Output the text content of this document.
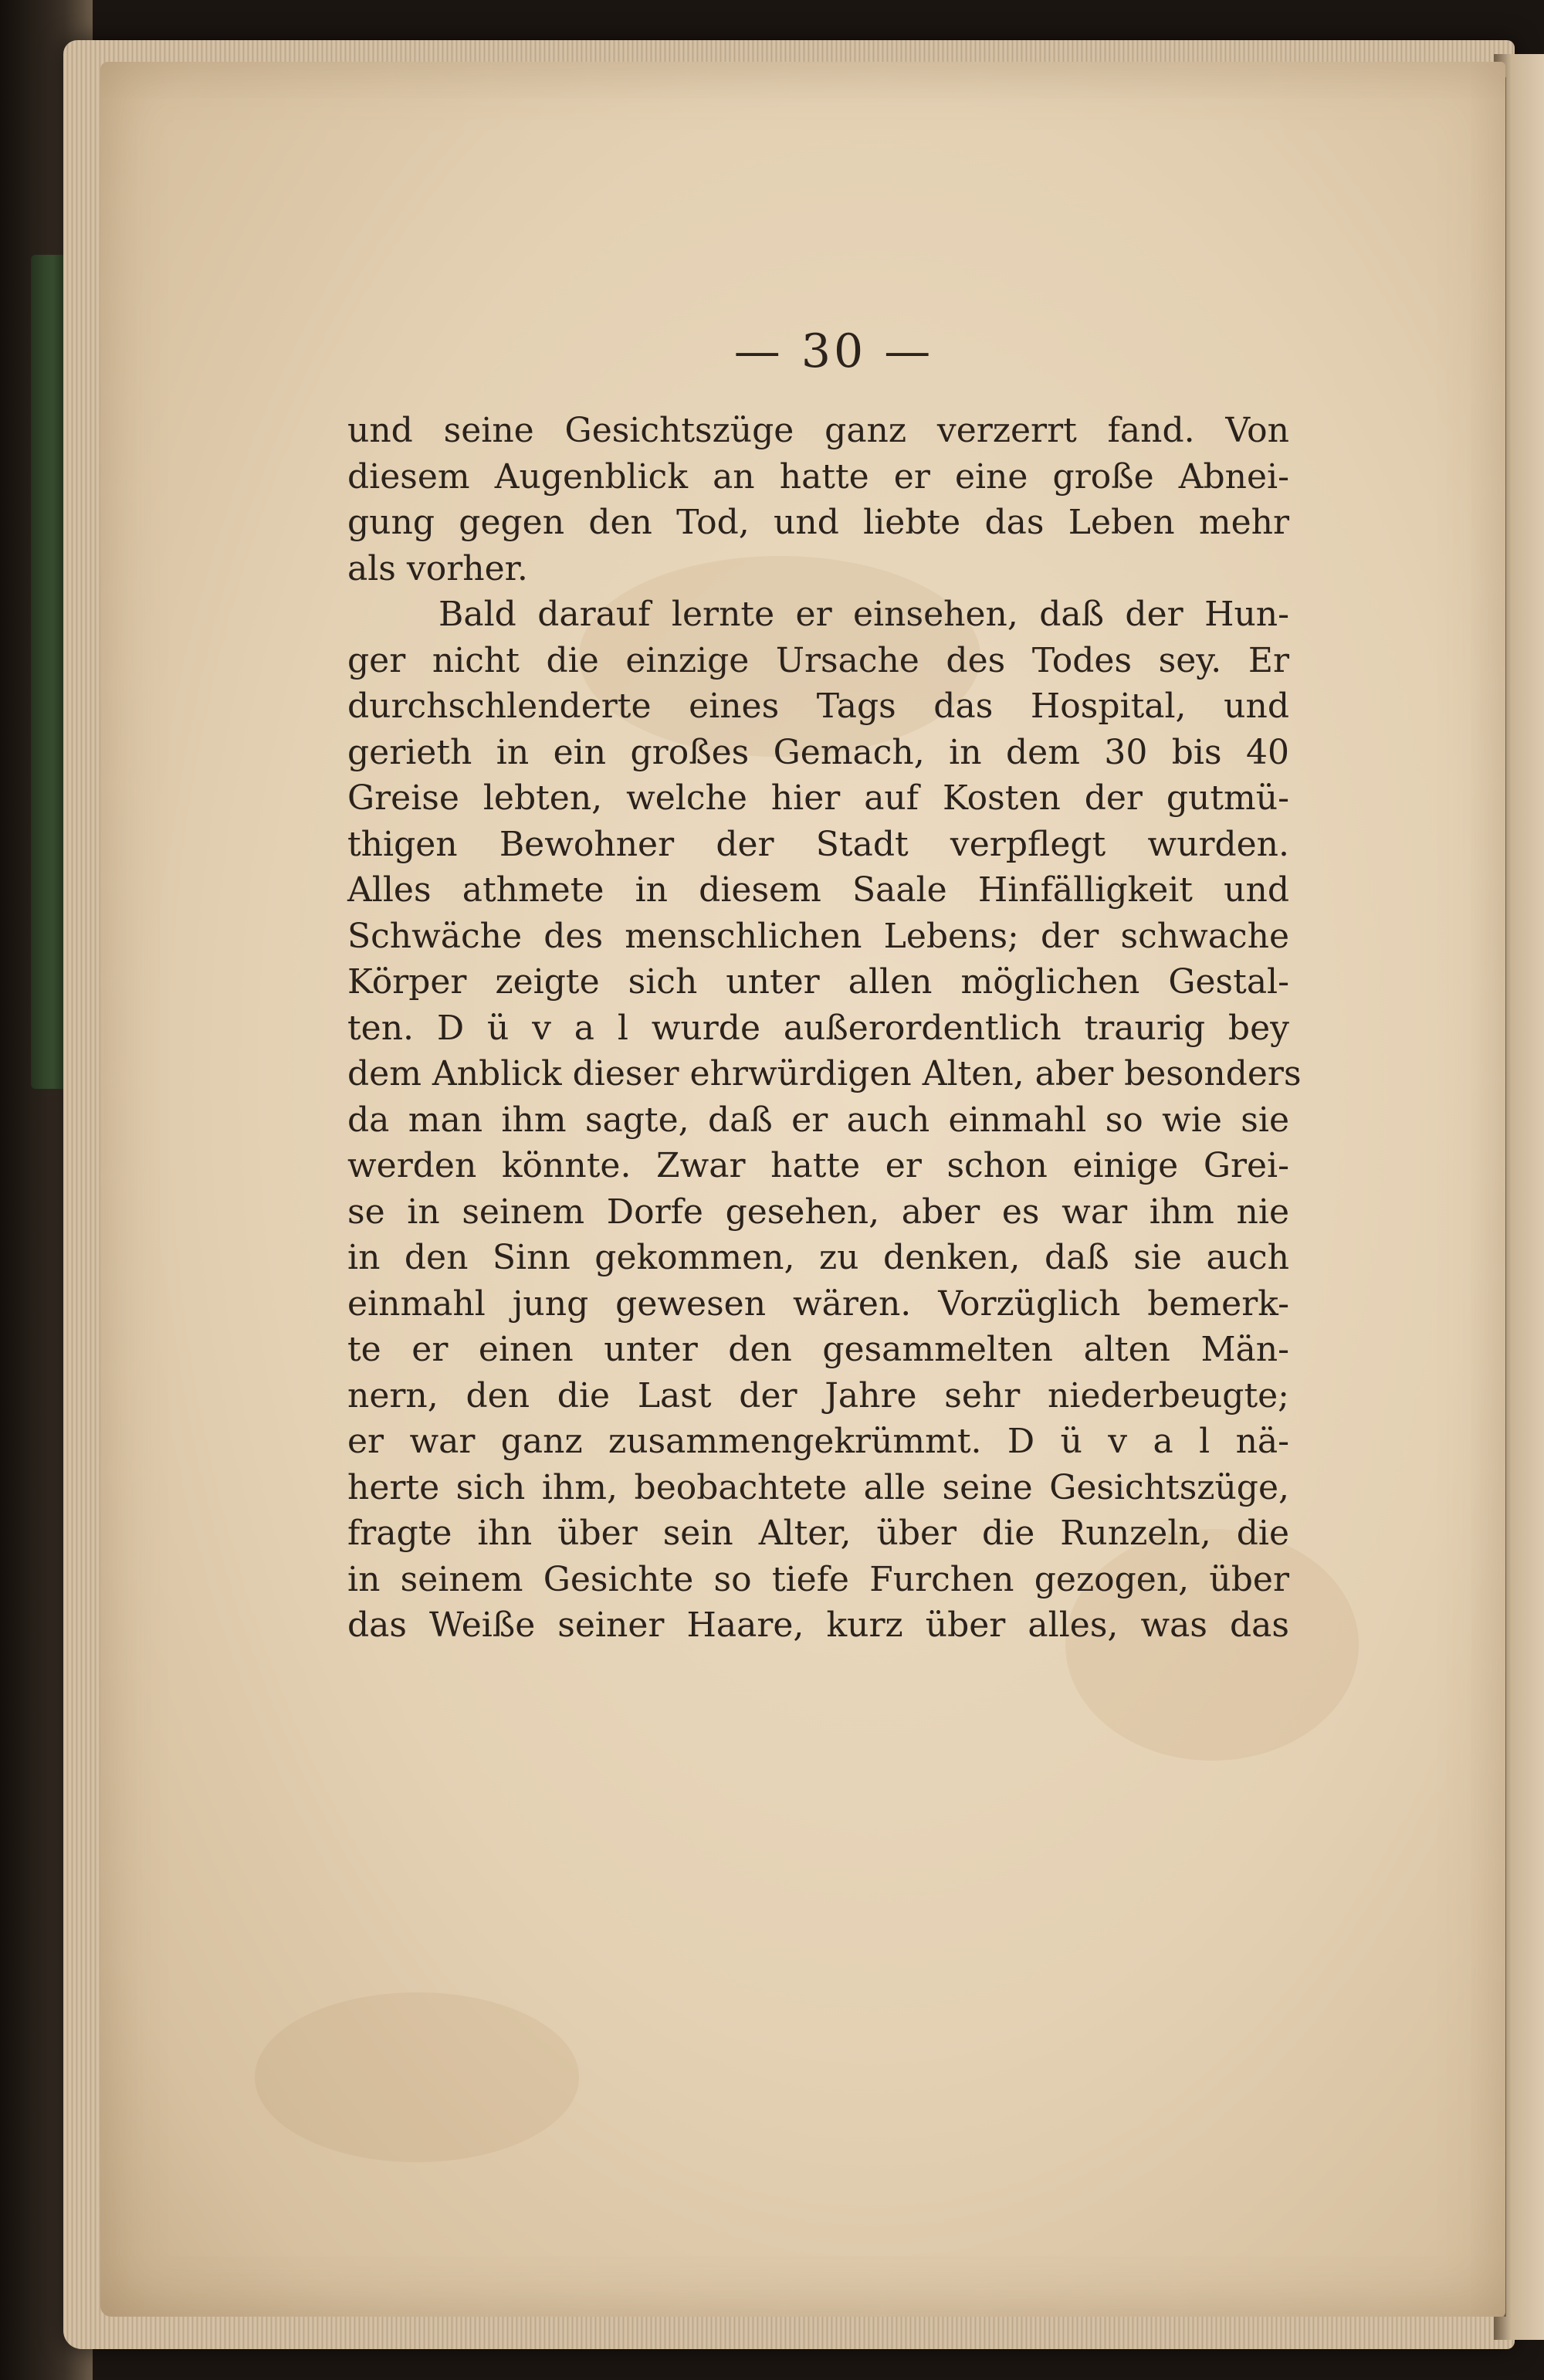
— 30 —
und seine Gesichtszüge ganz verzerrt fand. Von
diesem Augenblick an hatte er eine große Abnei-
gung gegen den Tod, und liebte das Leben mehr
als vorher.
Bald darauf lernte er einsehen, daß der Hun-
ger nicht die einzige Ursache des Todes sey. Er
durchschlenderte eines Tags das Hospital, und
gerieth in ein großes Gemach, in dem 30 bis 40
Greise lebten, welche hier auf Kosten der gutmü-
thigen Bewohner der Stadt verpflegt wurden.
Alles athmete in diesem Saale Hinfälligkeit und
Schwäche des menschlichen Lebens; der schwache
Körper zeigte sich unter allen möglichen Gestal-
ten. D ü v a l wurde außerordentlich traurig bey
dem Anblick dieser ehrwürdigen Alten, aber besonders
da man ihm sagte, daß er auch einmahl so wie sie
werden könnte. Zwar hatte er schon einige Grei-
se in seinem Dorfe gesehen, aber es war ihm nie
in den Sinn gekommen, zu denken, daß sie auch
einmahl jung gewesen wären. Vorzüglich bemerk-
te er einen unter den gesammelten alten Män-
nern, den die Last der Jahre sehr niederbeugte;
er war ganz zusammengekrümmt. D ü v a l nä-
herte sich ihm, beobachtete alle seine Gesichtszüge,
fragte ihn über sein Alter, über die Runzeln, die
in seinem Gesichte so tiefe Furchen gezogen, über
das Weiße seiner Haare, kurz über alles, was das
